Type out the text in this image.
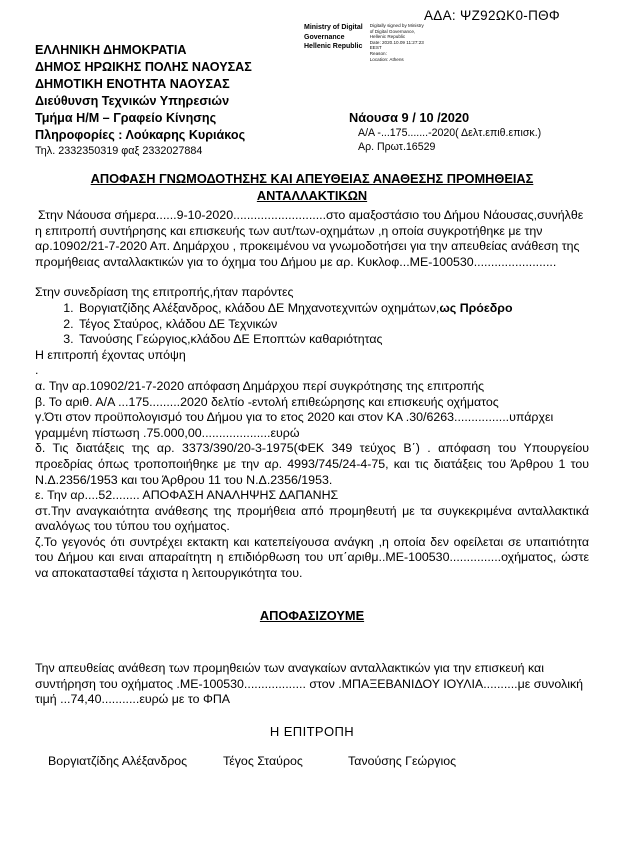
ΑΔΑ: ΨΖ92ΩΚ0-ΠΘΦ
Ministry of Digital
Governance
Hellenic Republic
Digitally signed by Ministry
of Digital Governance,
Hellenic Republic
Date: 2020.10.09 11:27:23
EEST
Reason:
Location: Athens
ΕΛΛΗΝΙΚΗ ΔΗΜΟΚΡΑΤΙΑ
ΔΗΜΟΣ ΗΡΩΙΚΗΣ ΠΟΛΗΣ ΝΑΟΥΣΑΣ
ΔΗΜΟΤΙΚΗ ΕΝΟΤΗΤΑ ΝΑΟΥΣΑΣ
Διεύθυνση Τεχνικών Υπηρεσιών
Τμήμα Η/Μ – Γραφείο Κίνησης
Πληροφορίες : Λούκαρης Κυριάκος
Τηλ. 2332350319 φαξ 2332027884
Νάουσα 9 / 10 /2020
Α/Α -...175.......-2020( Δελτ.επιθ.επισκ.)
Αρ. Πρωτ.16529
ΑΠΟΦΑΣΗ ΓΝΩΜΟΔΟΤΗΣΗΣ ΚΑΙ ΑΠΕΥΘΕΙΑΣ ΑΝΑΘΕΣΗΣ ΠΡΟΜΗΘΕΙΑΣ ΑΝΤΑΛΛΑΚΤΙΚΩΝ

Στην Νάουσα σήμερα......9-10-2020...........................στο αμαξοστάσιο του Δήμου Νάουσας,συνήλθε η επιτροπή συντήρησης και επισκευής των αυτ/των-οχημάτων ,η οποία συγκροτήθηκε με την αρ.10902/21-7-2020 Απ. Δημάρχου , προκειμένου να γνωμοδοτήσει για την απευθείας ανάθεση της προμήθειας ανταλλακτικών για το όχημα του Δήμου με αρ. Κυκλοφ...ΜΕ-100530........................

Στην συνεδρίαση της επιτροπής,ήταν παρόντες

1. Βοργιατζίδης Αλέξανδρος, κλάδου ΔΕ Μηχανοτεχνιτών οχημάτων,ως Πρόεδρο
2. Τέγος Σταύρος, κλάδου ΔΕ Τεχνικών
3. Τανούσης Γεώργιος,κλάδου ΔΕ Εποπτών καθαριότητας

Η επιτροπή έχοντας υπόψη

.

α. Την αρ.10902/21-7-2020 απόφαση Δημάρχου περί συγκρότησης της επιτροπής

β. Το αριθ. Α/Α ...175.........2020 δελτίο -εντολή επιθεώρησης και επισκευής οχήματος

γ.Ότι στον προϋπολογισμό του Δήμου για το ετος 2020 και στον ΚΑ .30/6263................υπάρχει γραμμένη πίστωση .75.000,00....................ευρώ

δ. Τις διατάξεις της αρ. 3373/390/20-3-1975(ΦΕΚ 349 τεύχος Β΄) . απόφαση του Υπουργείου προεδρίας όπως τροποποιήθηκε με την αρ. 4993/745/24-4-75, και τις διατάξεις του Άρθρου 1 του Ν.Δ.2356/1953 και του Άρθρου 11 του Ν.Δ.2356/1953.

ε. Την αρ....52........ ΑΠΟΦΑΣΗ ΑΝΑΛΗΨΗΣ ΔΑΠΑΝΗΣ

στ.Την αναγκαιότητα ανάθεσης της προμήθεια από προμηθευτή με τα συγκεκριμένα ανταλλακτικά αναλόγως του τύπου του οχήματος.

ζ.Το γεγονός ότι συντρέχει εκτακτη και κατεπείγουσα ανάγκη ,η οποία δεν οφείλεται σε υπαιτιότητα του Δήμου και ειναι απαραίτητη η επιδιόρθωση του υπ΄αριθμ..ΜΕ-100530...............οχήματος, ώστε να αποκατασταθεί τάχιστα η λειτουργικότητα του.

ΑΠΟΦΑΣΙΖΟΥΜΕ

Την απευθείας ανάθεση των προμηθειών των αναγκαίων ανταλλακτικών για την επισκευή και συντήρηση του οχήματος .ΜΕ-100530.................. στον .ΜΠΑΞΕΒΑΝΙΔΟΥ ΙΟΥΛΙΑ..........με συνολική τιμή ...74,40...........ευρώ με το ΦΠΑ

Η ΕΠΙΤΡΟΠΗ

Βοργιατζίδης Αλέξανδρος	Τέγος Σταύρος	Τανούσης Γεώργιος
